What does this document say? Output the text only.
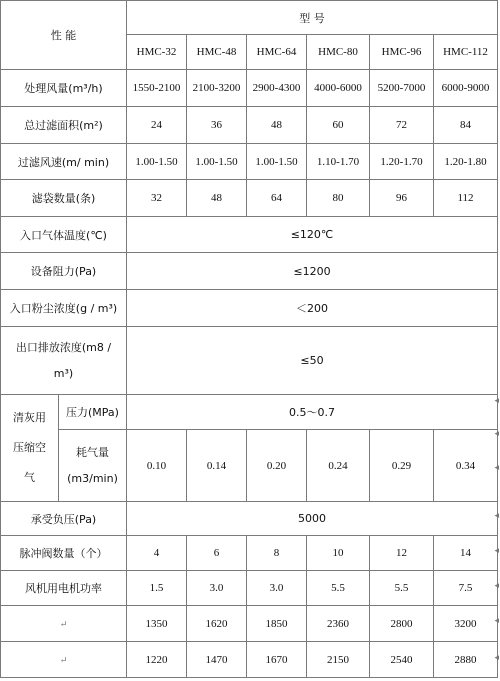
性 能		型 号					
		HMC-32	HMC-48	HMC-64	HMC-80	HMC-96	HMC-112
处理风量(m³/h)		1550-2100	2100-3200	2900-4300	4000-6000	5200-7000	6000-9000
总过滤面积(m²)		24	36	48	60	72	84
过滤风速(m/ min)		1.00-1.50	1.00-1.50	1.00-1.50	1.10-1.70	1.20-1.70	1.20-1.80
滤袋数量(条)		32	48	64	80	96	112
入口气体温度(℃)		≤120℃					
设备阻力(Pa)		≤1200					
入口粉尘浓度(g / m³)		＜200					

出口排放浓度(m8 /
m³)		≤50					

清灰用
压缩空
气	压力(MPa)	0.5～0.7					

	耗气量
(m3/min)	0.10	0.14	0.20	0.24	0.29	0.34
承受负压(Pa)		5000					
脉冲阀数量（个）		4	6	8	10	12	14
风机用电机功率		1.5	3.0	3.0	5.5	5.5	7.5
↵		1350	1620	1850	2360	2800	3200
↵		1220	1470	1670	2150	2540	2880
◂
◂
◂
◂
◂
◂
◂
◂
